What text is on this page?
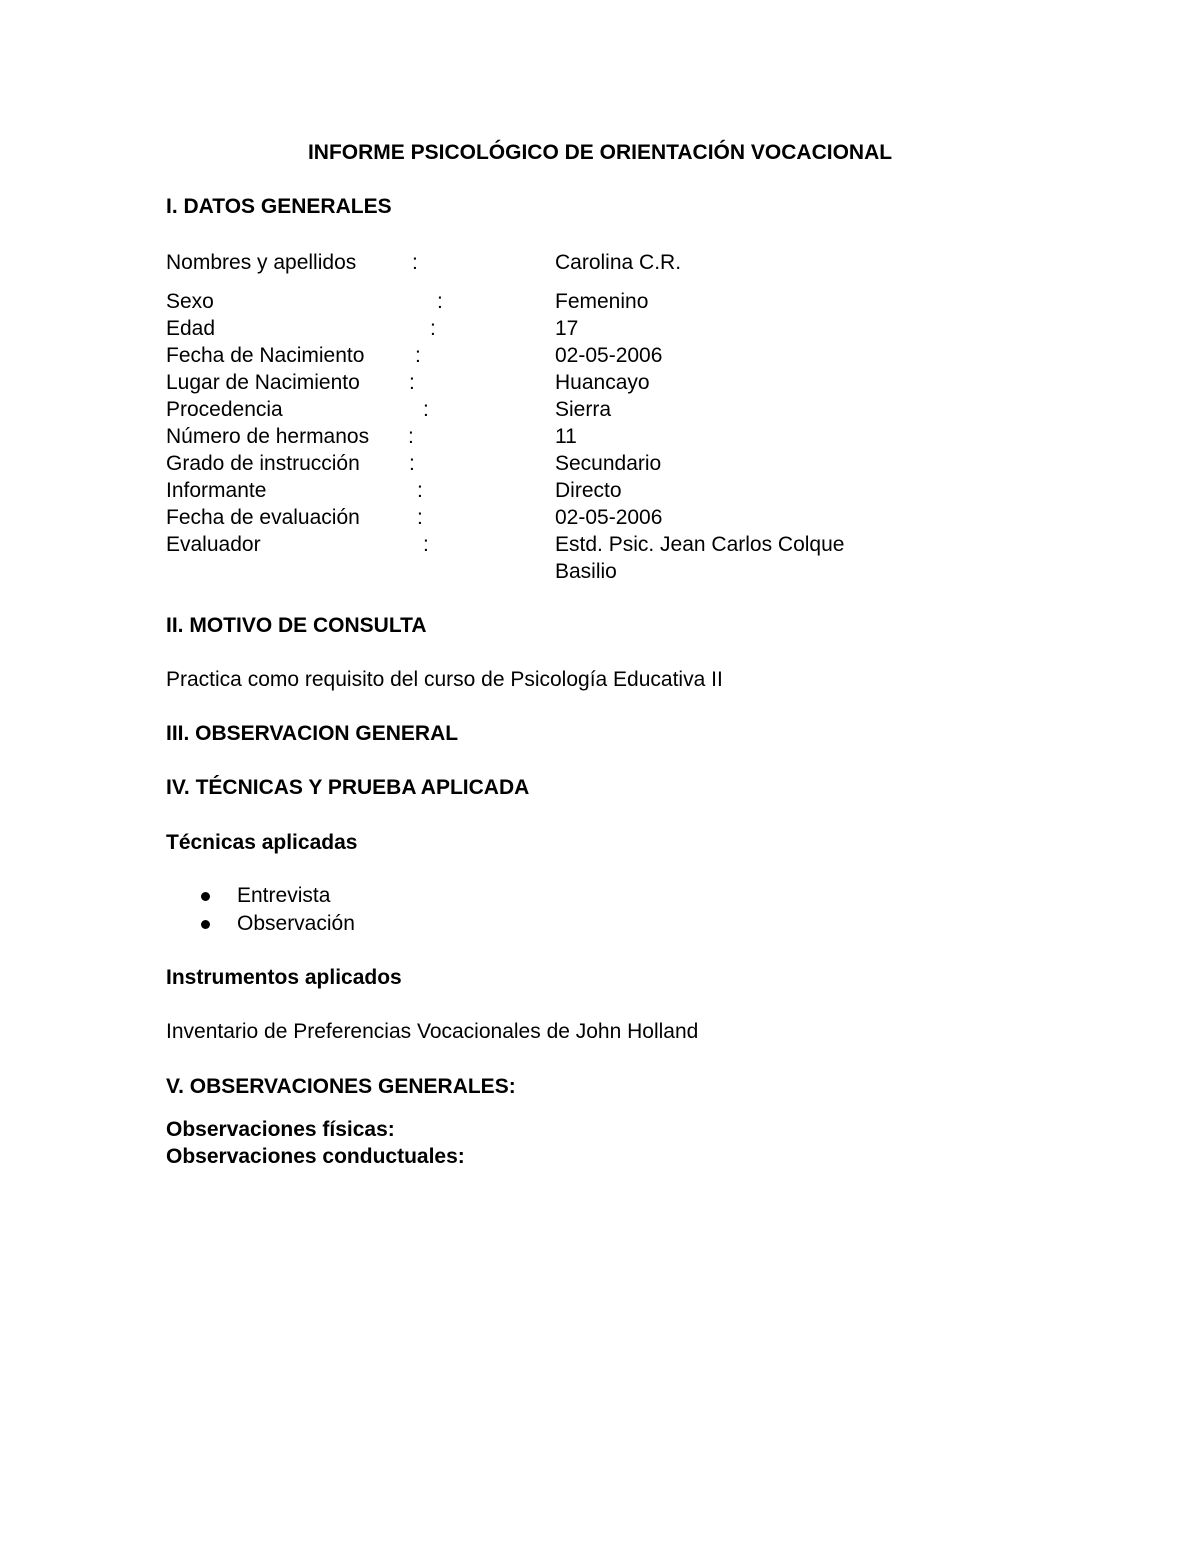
INFORME PSICOLÓGICO DE ORIENTACIÓN VOCACIONAL
I. DATOS GENERALES
Nombres y apellidos	:	Carolina C.R.
Sexo	:	Femenino
Edad	:	17
Fecha de Nacimiento :	02-05-2006
Lugar de Nacimiento :	Huancayo
Procedencia	:	Sierra
Número de hermanos :	11
Grado de instrucción :	Secundario
Informante	:	Directo
Fecha de evaluación	:	02-05-2006
Evaluador	:	Estd. Psic. Jean Carlos Colque
Basilio
II. MOTIVO DE CONSULTA
Practica como requisito del curso de Psicología Educativa II
III. OBSERVACION GENERAL
IV. TÉCNICAS Y PRUEBA APLICADA
Técnicas aplicadas
Entrevista
Observación
Instrumentos aplicados
Inventario de Preferencias Vocacionales de John Holland
V. OBSERVACIONES GENERALES:
Observaciones físicas:
Observaciones conductuales:
